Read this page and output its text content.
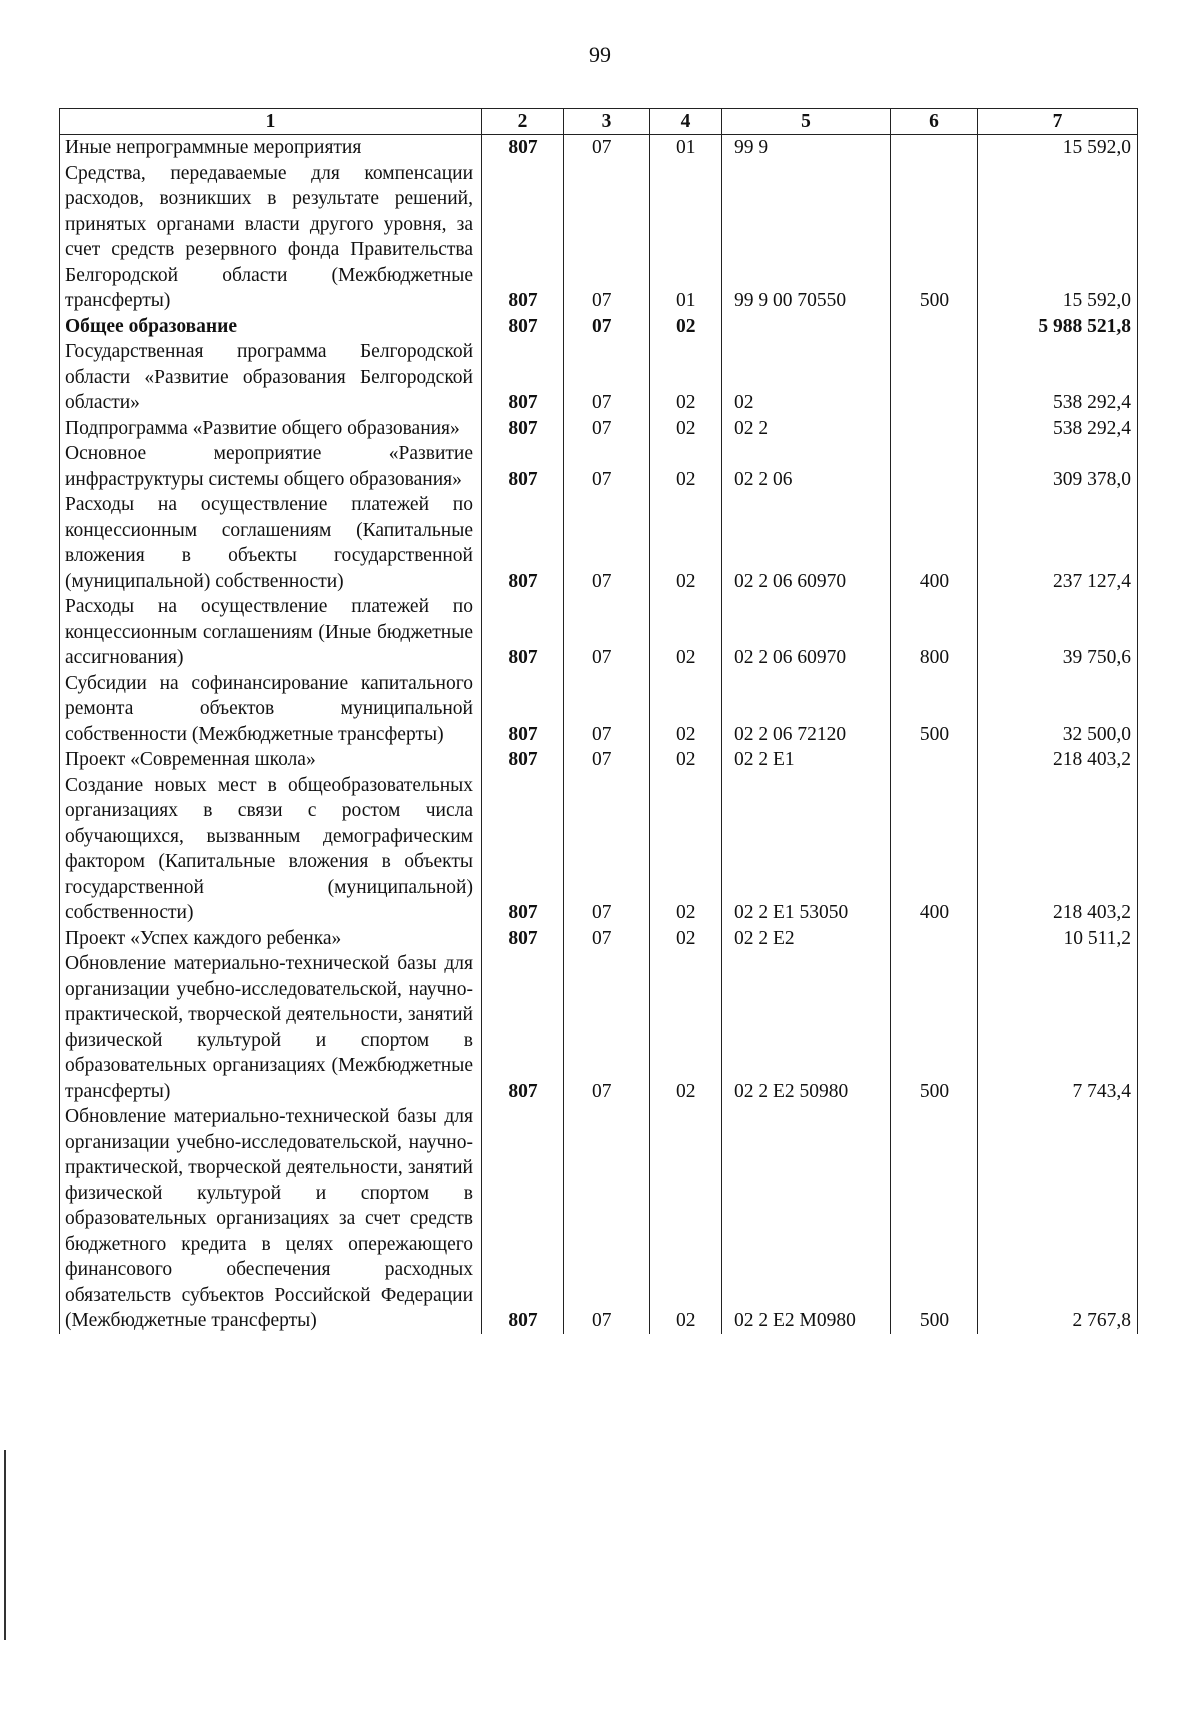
99
1	2	3	4	5	6	7
Иные непрограммные мероприятия	807	07	01	99 9		15 592,0
Средства, передаваемые для компенсации расходов, возникших в результате решений, принятых органами власти другого уровня, за счет средств резервного фонда Правительства Белгородской области (Межбюджетные трансферты)	807	07	01	99 9 00 70550	500	15 592,0
Общее образование	807	07	02			5 988 521,8
Государственная программа Белгородской области «Развитие образования Белгородской области»	807	07	02	02		538 292,4
Подпрограмма «Развитие общего образования»	807	07	02	02 2		538 292,4
Основное мероприятие «Развитие инфраструктуры системы общего образования»	807	07	02	02 2 06		309 378,0
Расходы на осуществление платежей по концессионным соглашениям (Капитальные вложения в объекты государственной (муниципальной) собственности)	807	07	02	02 2 06 60970	400	237 127,4
Расходы на осуществление платежей по концессионным соглашениям (Иные бюджетные ассигнования)	807	07	02	02 2 06 60970	800	39 750,6
Субсидии на софинансирование капитального ремонта объектов муниципальной собственности (Межбюджетные трансферты)	807	07	02	02 2 06 72120	500	32 500,0
Проект «Современная школа»	807	07	02	02 2 E1		218 403,2
Создание новых мест в общеобразовательных организациях в связи с ростом числа обучающихся, вызванным демографическим фактором (Капитальные вложения в объекты государственной (муниципальной) собственности)	807	07	02	02 2 E1 53050	400	218 403,2
Проект «Успех каждого ребенка»	807	07	02	02 2 E2		10 511,2
Обновление материально-технической базы для организации учебно-исследовательской, научно-практической, творческой деятельности, занятий физической культурой и спортом в образовательных организациях (Межбюджетные трансферты)	807	07	02	02 2 E2 50980	500	7 743,4
Обновление материально-технической базы для организации учебно-исследовательской, научно-практической, творческой деятельности, занятий физической культурой и спортом в образовательных организациях за счет средств бюджетного кредита в целях опережающего финансового обеспечения расходных обязательств субъектов Российской Федерации (Межбюджетные трансферты)	807	07	02	02 2 E2 M0980	500	2 767,8
